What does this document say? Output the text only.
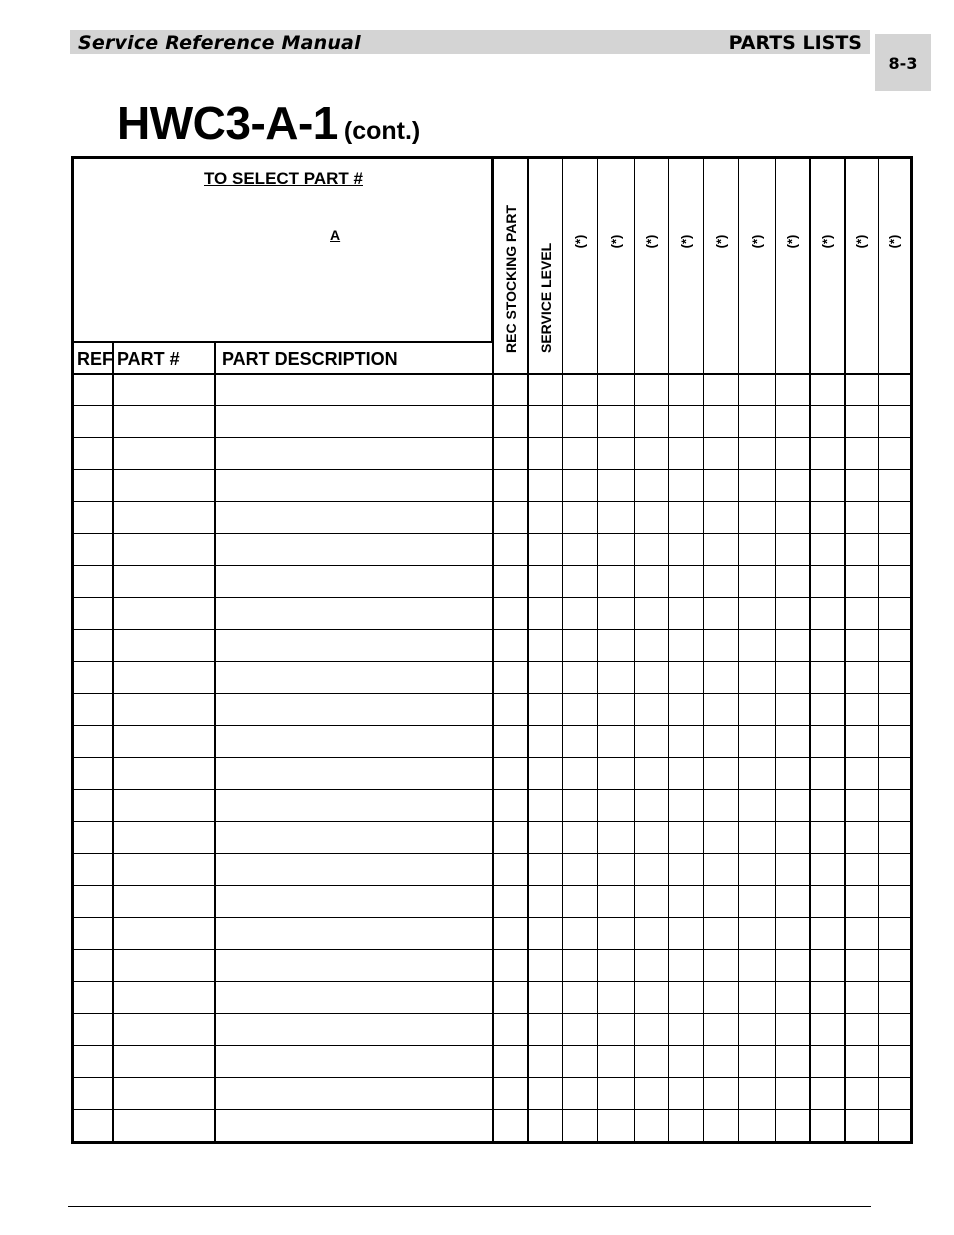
Service Reference Manual	PARTS LISTS
8-3
HWC3-A-1 (cont.)
TO SELECT PART #
A
REF PART #	PART DESCRIPTION
REC STOCKING PART SERVICE LEVEL
(*) (*) (*) (*) (*) (*) (*) (*) (*) (*)
